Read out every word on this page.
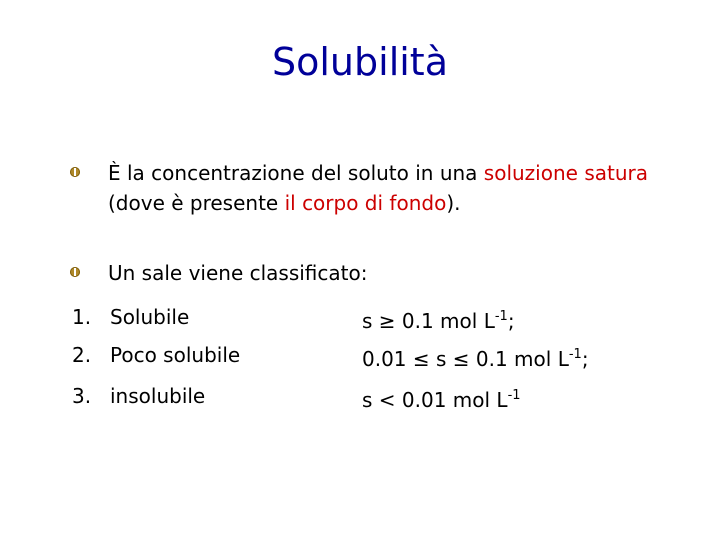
Solubilità
È la concentrazione del soluto in una soluzione satura
(dove è presente il corpo di fondo).
Un sale viene classificato:
1. Solubile	s ≥ 0.1 mol $L^{-1}$;
2. Poco solubile	0.01 ≤ s ≤ 0.1 mol $L^{-1}$;
3. insolubile	s < 0.01 mol $L^{-1}$
